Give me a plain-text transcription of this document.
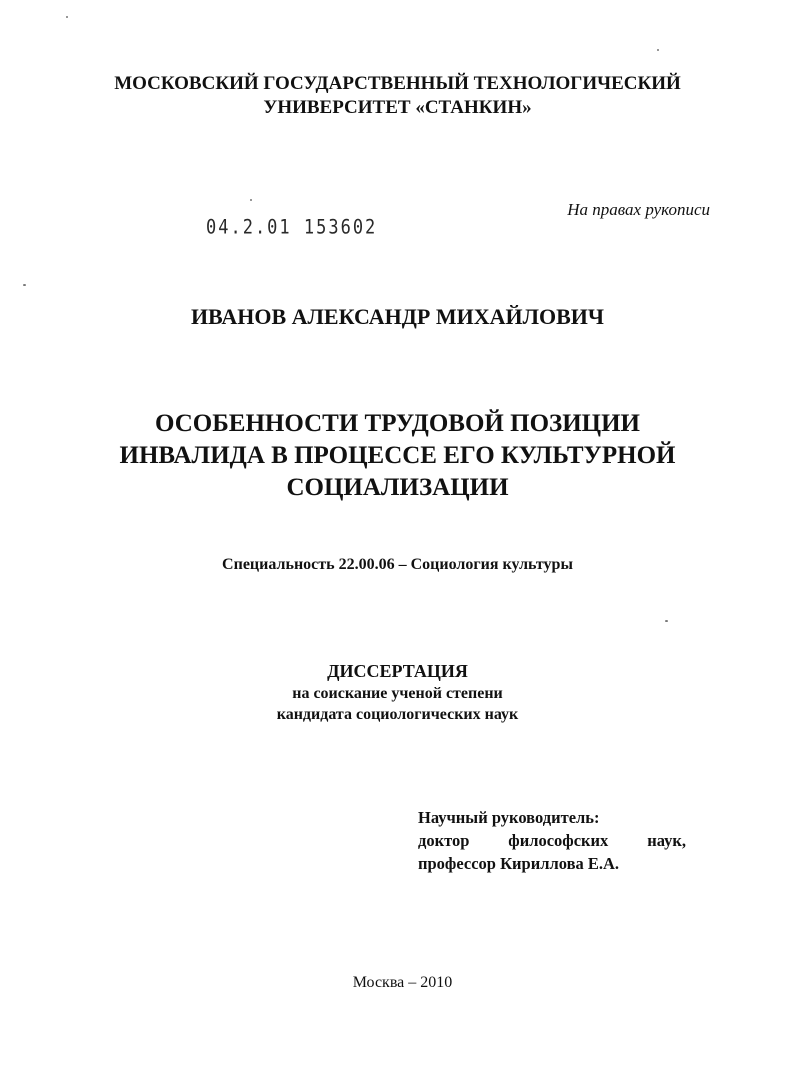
МОСКОВСКИЙ ГОСУДАРСТВЕННЫЙ ТЕХНОЛОГИЧЕСКИЙ
УНИВЕРСИТЕТ «СТАНКИН»
На правах рукописи
04.2.01 153602
ИВАНОВ АЛЕКСАНДР МИХАЙЛОВИЧ
ОСОБЕННОСТИ ТРУДОВОЙ ПОЗИЦИИ
ИНВАЛИДА В ПРОЦЕССЕ ЕГО КУЛЬТУРНОЙ
СОЦИАЛИЗАЦИИ
Специальность 22.00.06 – Социология культуры
ДИССЕРТАЦИЯ
на соискание ученой степени
кандидата социологических наук
Научный руководитель:
доктор философских наук,
профессор Кириллова Е.А.
Москва – 2010
